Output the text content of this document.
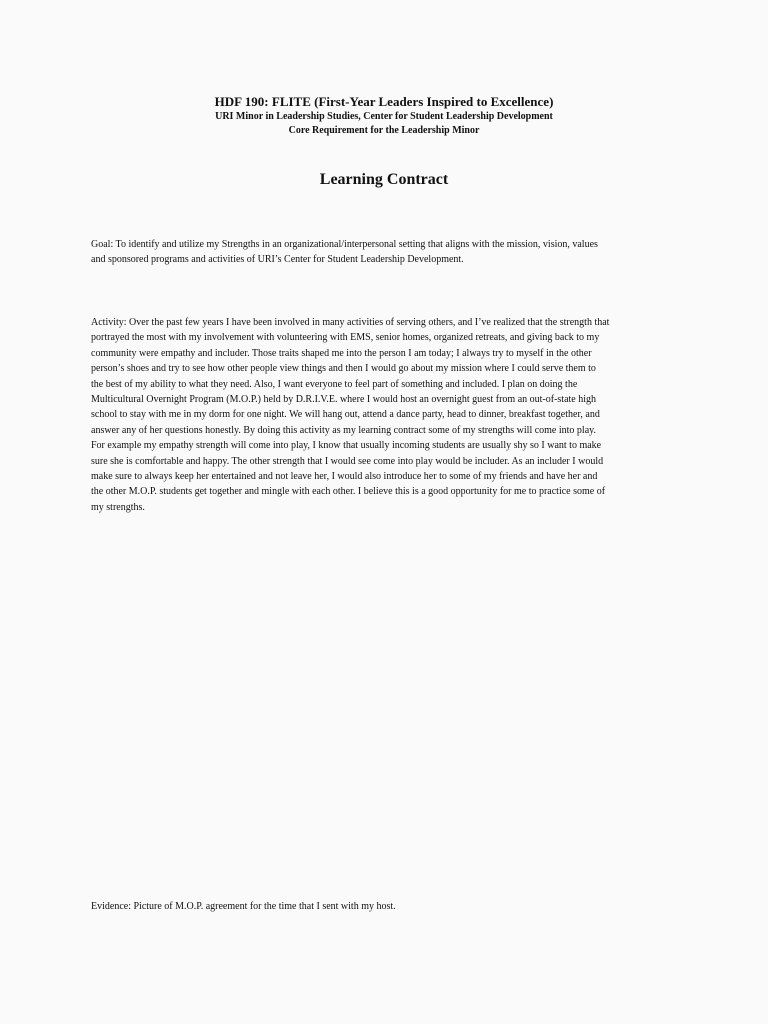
HDF 190: FLITE (First-Year Leaders Inspired to Excellence)
URI Minor in Leadership Studies, Center for Student Leadership Development
Core Requirement for the Leadership Minor
Learning Contract
Goal: To identify and utilize my Strengths in an organizational/interpersonal setting that aligns with the mission, vision, values
and sponsored programs and activities of URI’s Center for Student Leadership Development.
Activity: Over the past few years I have been involved in many activities of serving others, and I’ve realized that the strength that
portrayed the most with my involvement with volunteering with EMS, senior homes, organized retreats, and giving back to my
community were empathy and includer. Those traits shaped me into the person I am today; I always try to myself in the other
person’s shoes and try to see how other people view things and then I would go about my mission where I could serve them to
the best of my ability to what they need. Also, I want everyone to feel part of something and included. I plan on doing the
Multicultural Overnight Program (M.O.P.) held by D.R.I.V.E. where I would host an overnight guest from an out-of-state high
school to stay with me in my dorm for one night. We will hang out, attend a dance party, head to dinner, breakfast together, and
answer any of her questions honestly. By doing this activity as my learning contract some of my strengths will come into play.
For example my empathy strength will come into play, I know that usually incoming students are usually shy so I want to make
sure she is comfortable and happy. The other strength that I would see come into play would be includer. As an includer I would
make sure to always keep her entertained and not leave her, I would also introduce her to some of my friends and have her and
the other M.O.P. students get together and mingle with each other. I believe this is a good opportunity for me to practice some of
my strengths.
Evidence: Picture of M.O.P. agreement for the time that I sent with my host.
